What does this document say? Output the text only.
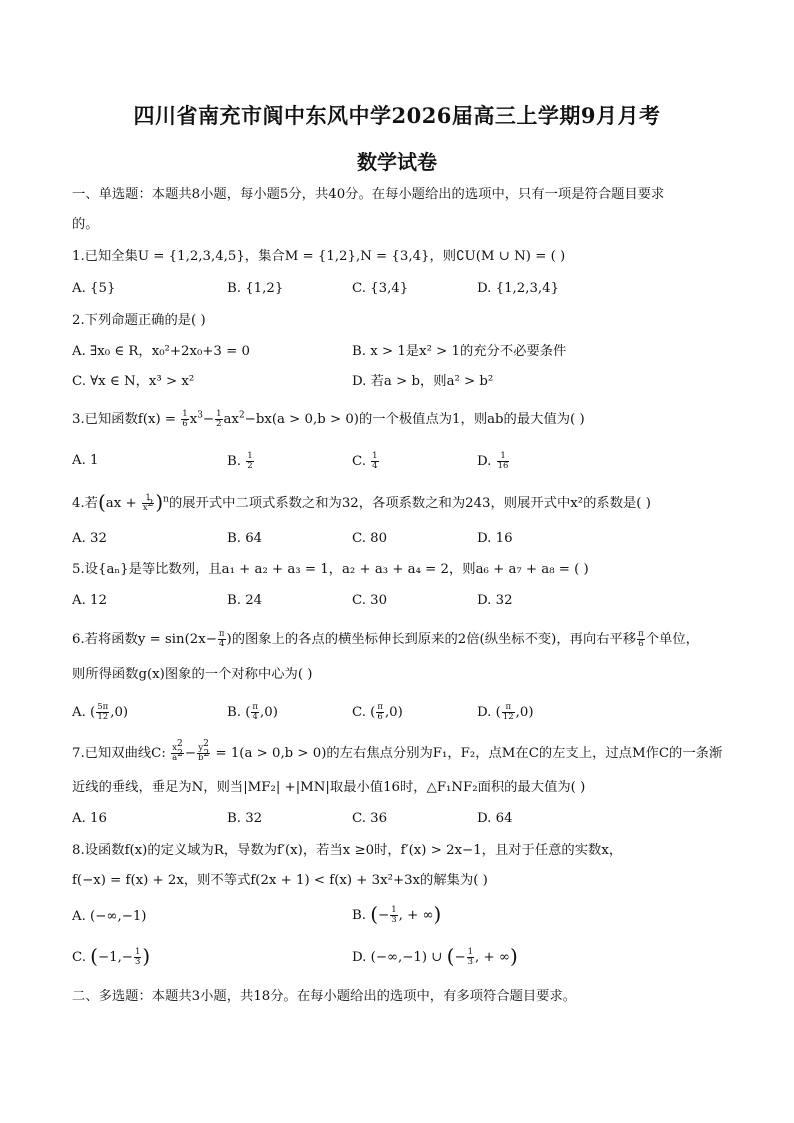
四川省南充市阆中东风中学2026届高三上学期9月月考
数学试卷
一、单选题：本题共8小题，每小题5分，共40分。在每小题给出的选项中，只有一项是符合题目要求
的。
1.已知全集U = {1,2,3,4,5}，集合M = {1,2},N = {3,4}，则∁U(M ∪ N) = ( )
A. {5}	B. {1,2}	C. {3,4}	D. {1,2,3,4}
2.下列命题正确的是( )
A. ∃x₀ ∈ R，x₀²+2x₀+3 = 0	B. x > 1是x² > 1的充分不必要条件
C. ∀x ∈ N，x³ > x²	D. 若a > b，则a² > b²
3.已知函数$f(x) = \frac{1}{6} x^3- \frac{1}{2} ax^2-bx(a > 0,b > 0)$的一个极值点为1，则ab的最大值为( )
A. 1	B. $\frac{1}{2}$	C. $\frac{1}{4}$	D. $\frac{1}{16}$
4.若$(ax + \frac{1}{x^2} )^n$的展开式中二项式系数之和为32，各项系数之和为243，则展开式中x²的系数是( )
A. 32	B. 64	C. 80	D. 16
5.设{aₙ}是等比数列，且a₁ + a₂ + a₃ = 1，a₂ + a₃ + a₄ = 2，则a₆ + a₇ + a₈ = ( )
A. 12	B. 24	C. 30	D. 32
6.若将函数$y = \sin(2x- \frac{\pi}{4}$ )的图象上的各点的横坐标伸长到原来的2倍(纵坐标不变)，再向右平移 $\frac{\pi}{6}$ 个单位，
则所得函数g(x)图象的一个对称中心为( )
A. ( $\frac{5\pi}{12} ,0$)	B. ( $\frac{\pi}{4} ,0$)	C. ( $\frac{\pi}{6} ,0$)	D. ( $\frac{\pi}{12} ,0$)
7.已知双曲线C: $\frac{x^2}{a^2} - \frac{y^2}{b^2} = 1(a > 0,b > 0)$的左右焦点分别为F₁，F₂，点M在C的左支上，过点M作C的一条渐
近线的垂线，垂足为N，则当|MF₂| +|MN|取最小值16时，△F₁NF₂面积的最大值为( )
A. 16	B. 32	C. 36	D. 64
8.设函数f(x)的定义域为R，导数为f′(x)，若当x ≥0时，f′(x) > 2x−1，且对于任意的实数x，
f(−x) = f(x) + 2x，则不等式f(2x + 1) < f(x) + 3x²+3x的解集为( )
A. (−∞,−1)	B. (− $\frac{1}{3}$ , + ∞)
C. ($-1,- \frac{1}{3}$ )	D. (−∞,−1) ∪ (− $\frac{1}{3}$ , + ∞)
二、多选题：本题共3小题，共18分。在每小题给出的选项中，有多项符合题目要求。
